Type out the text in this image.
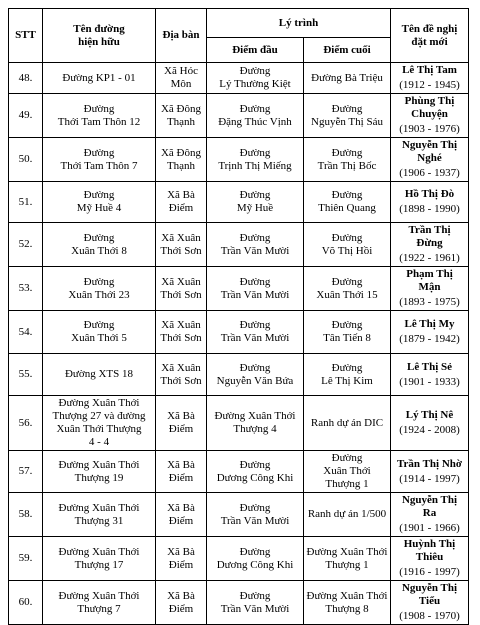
STT	Tên đường
hiện hữu	Địa bàn	Lý trình		Tên đề nghị
đặt mới

			Điểm đầu	Điểm cuối	
48.	Đường KP1 - 01	Xã Hóc
Môn	Đường
Lý Thường Kiệt	Đường Bà Triệu	Lê Thị Tam
(1912 - 1945)

49.	Đường
Thới Tam Thôn 12	Xã Đông
Thạnh	Đường
Đặng Thúc Vịnh	Đường
Nguyễn Thị Sáu	Phùng Thị
Chuyện
(1903 - 1976)

50.	Đường
Thới Tam Thôn 7	Xã Đông
Thạnh	Đường
Trịnh Thị Miếng	Đường
Trần Thị Bốc	Nguyễn Thị
Nghé
(1906 - 1937)

51.	Đường
Mỹ Huề 4	Xã Bà
Điểm	Đường
Mỹ Huề	Đường
Thiên Quang	Hồ Thị Đò
(1898 - 1990)

52.	Đường
Xuân Thới 8	Xã Xuân
Thới Sơn	Đường
Trần Văn Mười	Đường
Võ Thị Hồi	Trần Thị
Đừng
(1922 - 1961)

53.	Đường
Xuân Thới 23	Xã Xuân
Thới Sơn	Đường
Trần Văn Mười	Đường
Xuân Thới 15	Phạm Thị
Mận
(1893 - 1975)

54.	Đường
Xuân Thới 5	Xã Xuân
Thới Sơn	Đường
Trần Văn Mười	Đường
Tân Tiến 8	Lê Thị My
(1879 - 1942)

55.	Đường XTS 18	Xã Xuân
Thới Sơn	Đường
Nguyễn Văn Bứa	Đường
Lê Thị Kim	Lê Thị Sẻ
(1901 - 1933)

56.	Đường Xuân Thới
Thượng 27 và đường
Xuân Thới Thượng
4 - 4	Xã Bà
Điểm	Đường Xuân Thới
Thượng 4	Ranh dự án DIC	Lý Thị Nê
(1924 - 2008)

57.	Đường Xuân Thới
Thượng 19	Xã Bà
Điểm	Đường
Dương Công Khi	Đường
Xuân Thới
Thượng 1	Trần Thị Nhờ
(1914 - 1997)

58.	Đường Xuân Thới
Thượng 31	Xã Bà
Điểm	Đường
Trần Văn Mười	Ranh dự án 1/500	Nguyễn Thị
Ra
(1901 - 1966)

59.	Đường Xuân Thới
Thượng 17	Xã Bà
Điểm	Đường
Dương Công Khi	Đường Xuân Thới
Thượng 1	Huỳnh Thị
Thiêu
(1916 - 1997)

60.	Đường Xuân Thới
Thượng 7	Xã Bà
Điểm	Đường
Trần Văn Mười	Đường Xuân Thới
Thượng 8	Nguyễn Thị
Tiểu
(1908 - 1970)
